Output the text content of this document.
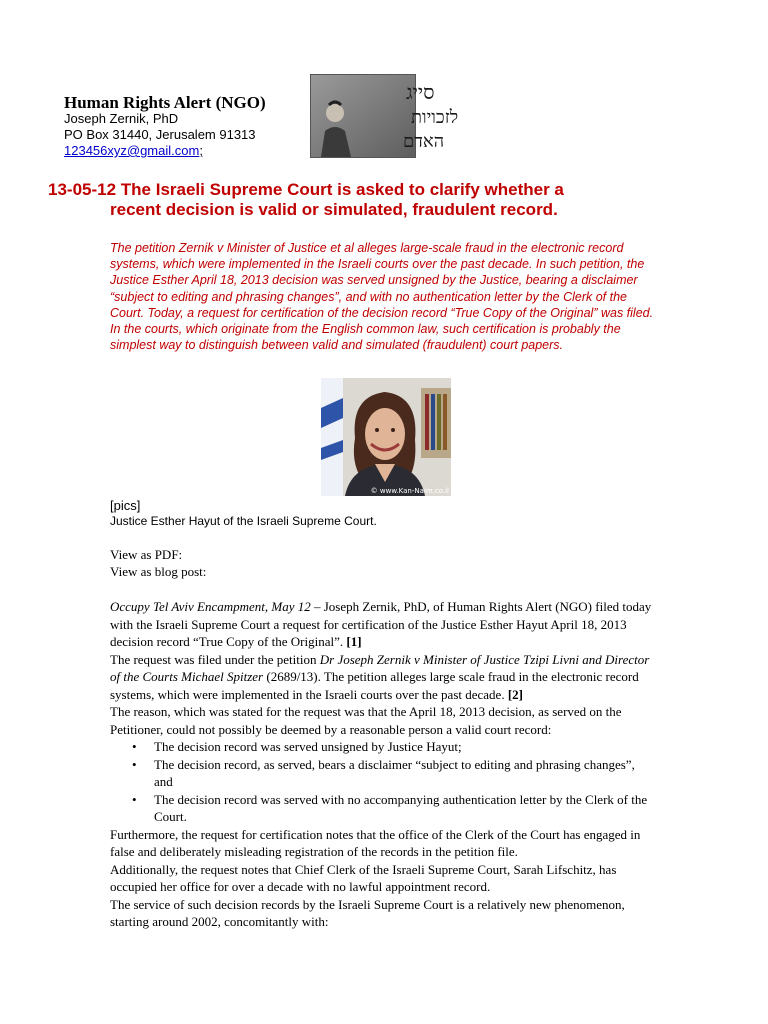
Human Rights Alert (NGO)
Joseph Zernik, PhD
PO Box 31440, Jerusalem 91313
123456xyz@gmail.com;
סייג
לזכויות
האדם
13-05-12 The Israeli Supreme Court is asked to clarify whether a
recent decision is valid or simulated, fraudulent record.

The petition Zernik v Minister of Justice et al alleges large-scale fraud in the electronic record systems, which were implemented in the Israeli courts over the past decade. In such petition, the Justice Esther April 18, 2013 decision was served unsigned by the Justice, bearing a disclaimer “subject to editing and phrasing changes”, and with no authentication letter by the Clerk of the Court. Today, a request for certification of the decision record “True Copy of the Original” was filed. In the courts, which originate from the English common law, such certification is probably the simplest way to distinguish between valid and simulated (fraudulent) court papers.

© www.Kan-Naim.co.il
[pics]
Justice Esther Hayut of the Israeli Supreme Court.
View as PDF:
View as blog post:

Occupy Tel Aviv Encampment, May 12 – Joseph Zernik, PhD, of Human Rights Alert (NGO) filed today with the Israeli Supreme Court a request for certification of the Justice Esther Hayut April 18, 2013 decision record “True Copy of the Original”. [1]

The request was filed under the petition Dr Joseph Zernik v Minister of Justice Tzipi Livni and Director of the Courts Michael Spitzer (2689/13). The petition alleges large scale fraud in the electronic record systems, which were implemented in the Israeli courts over the past decade. [2]

The reason, which was stated for the request was that the April 18, 2013 decision, as served on the Petitioner, could not possibly be deemed by a reasonable person a valid court record:

• The decision record was served unsigned by Justice Hayut;
• The decision record, as served, bears a disclaimer “subject to editing and phrasing changes”, and
• The decision record was served with no accompanying authentication letter by the Clerk of the Court.

Furthermore, the request for certification notes that the office of the Clerk of the Court has engaged in false and deliberately misleading registration of the records in the petition file.

Additionally, the request notes that Chief Clerk of the Israeli Supreme Court, Sarah Lifschitz, has occupied her office for over a decade with no lawful appointment record.

The service of such decision records by the Israeli Supreme Court is a relatively new phenomenon, starting around 2002, concomitantly with:
